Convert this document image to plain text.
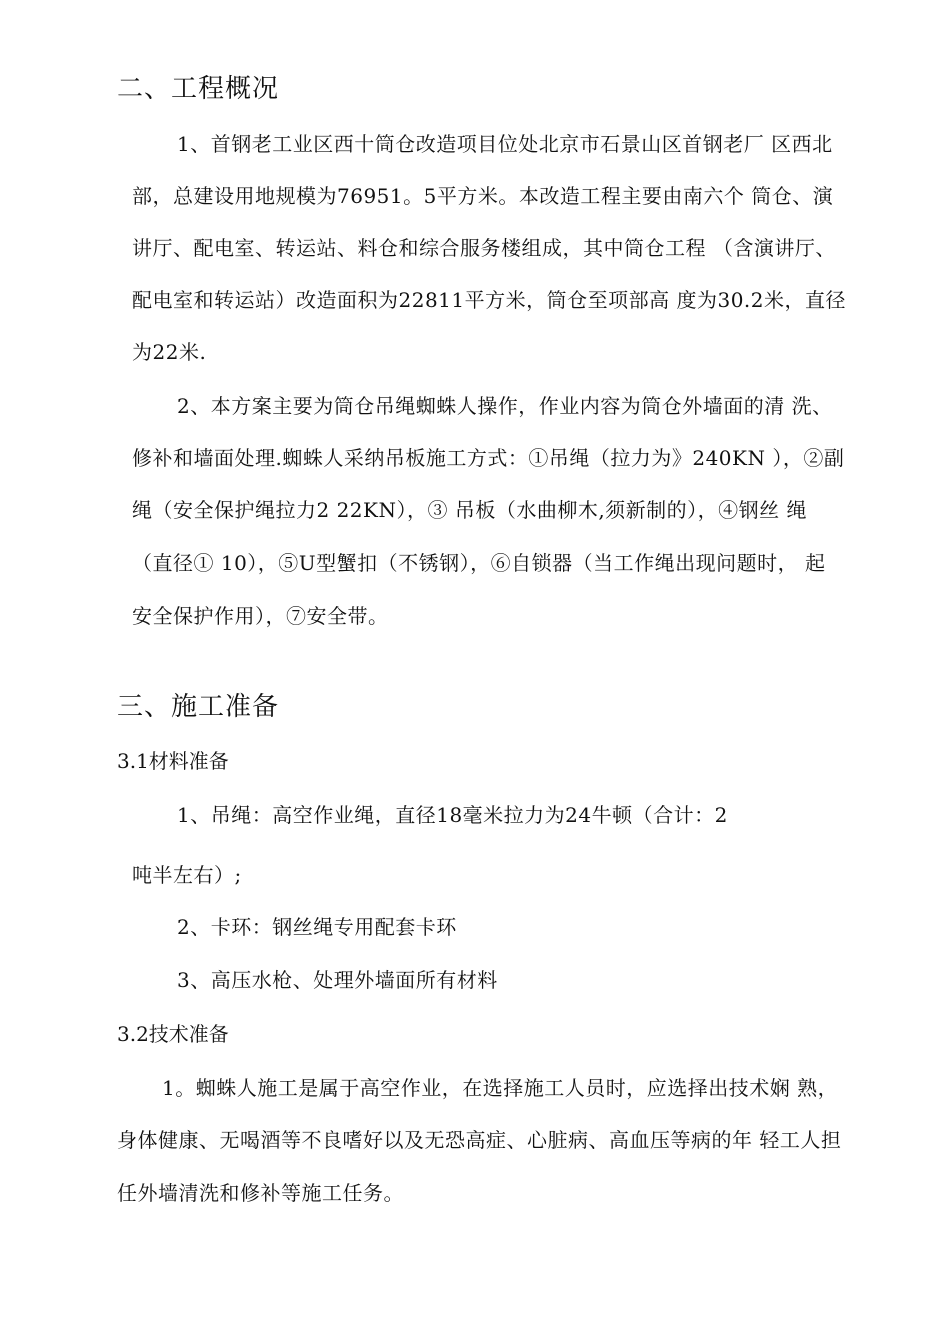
二、工程概况
1、首钢老工业区西十筒仓改造项目位处北京市石景山区首钢老厂 区西北
部，总建设用地规模为76951。5平方米。本改造工程主要由南六个 筒仓、演
讲厅、配电室、转运站、料仓和综合服务楼组成，其中筒仓工程 （含演讲厅、
配电室和转运站）改造面积为22811平方米，筒仓至项部高 度为30.2米，直径
为22米.
2、本方案主要为筒仓吊绳蜘蛛人操作，作业内容为筒仓外墙面的清 洗、
修补和墙面处理.蜘蛛人采纳吊板施工方式：①吊绳（拉力为》240KN ），②副
绳（安全保护绳拉力2 22KN），③ 吊板（水曲柳木,须新制的），④钢丝 绳
（直径① 10），⑤U型蟹扣（不锈钢），⑥自锁器（当工作绳出现问题时， 起
安全保护作用），⑦安全带。
三、施工准备
3.1材料准备
1、吊绳：高空作业绳，直径18毫米拉力为24牛顿（合计：2
吨半左右）;
2、卡环：钢丝绳专用配套卡环
3、高压水枪、处理外墙面所有材料
3.2技术准备
1。蜘蛛人施工是属于高空作业，在选择施工人员时，应选择出技术娴 熟，
身体健康、无喝酒等不良嗜好以及无恐高症、心脏病、高血压等病的年 轻工人担
任外墙清洗和修补等施工任务。
